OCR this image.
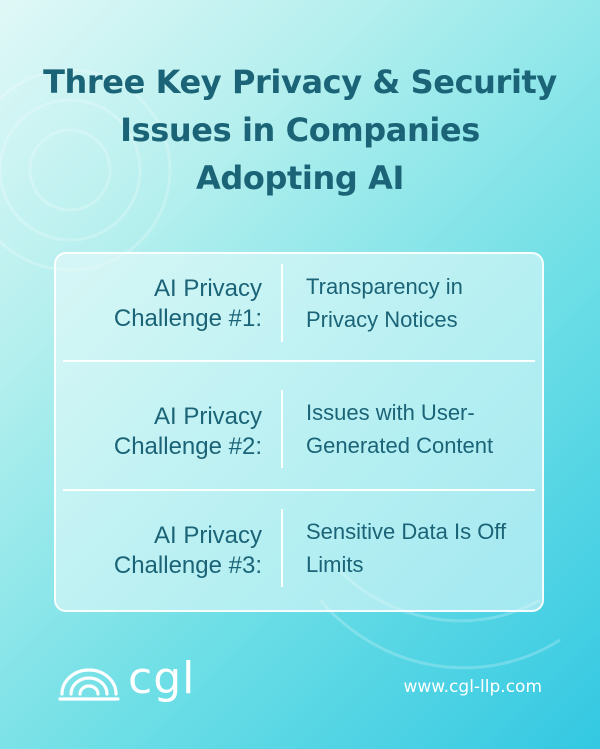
Three Key Privacy & Security Issues in Companies Adopting AI
AI Privacy Challenge #1:
Transparency in Privacy Notices
AI Privacy Challenge #2:
Issues with User-Generated Content
AI Privacy Challenge #3:
Sensitive Data Is Off Limits
cgl	www.cgl-llp.com
